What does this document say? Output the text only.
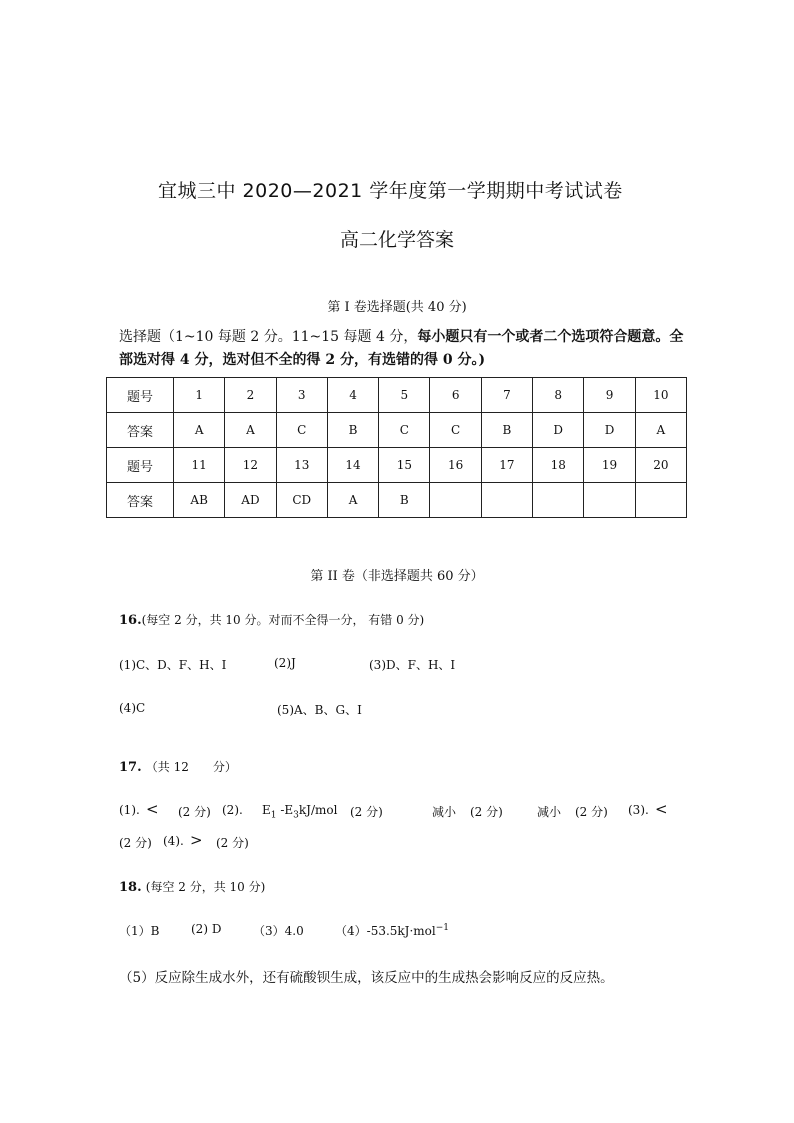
宜城三中 2020—2021 学年度第一学期期中考试试卷
高二化学答案
第 I 卷选择题(共 40 分)
选择题（1~10 每题 2 分。11~15 每题 4 分，每小题只有一个或者二个选项符合题意。全部选对得 4 分，选对但不全的得 2 分，有选错的得 0 分。)
题号	1	2	3	4	5	6	7	8	9	10
答案	A	A	C	B	C	C	B	D	D	A
题号	11	12	13	14	15	16	17	18	19	20
答案	AB	AD	CD	A	B					
第 II 卷（非选择题共 60 分）
16.(每空 2 分，共 10 分。对而不全得一分， 有错 0 分)
(1)C、D、F、H、I	(2)J	(3)D、F、H、I
(4)C	(5)A、B、G、I
17. （共 12　　分）
(1). < (2 分) (2). $E_1$ $-E_3kJ$/mol (2 分)	减小 (2 分)	减小 (2 分) (3). <
(2 分) (4). > (2 分)
18. (每空 2 分，共 10 分)
（1）B	(2) D	（3）4.0	（4）-53.5kJ·mol$^{-1}$
（5）反应除生成水外，还有硫酸钡生成，该反应中的生成热会影响反应的反应热。
